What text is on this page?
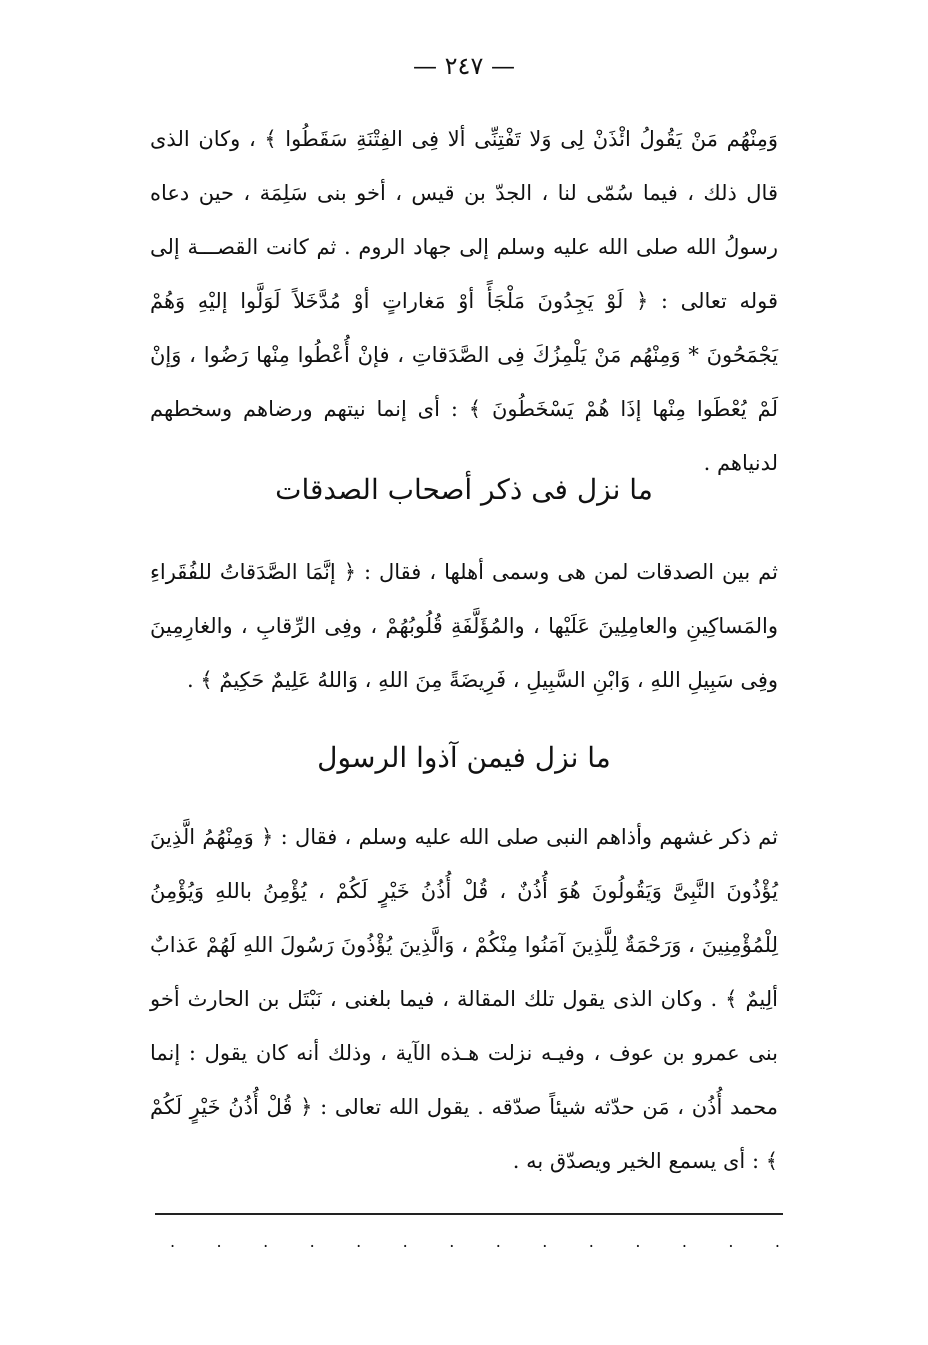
— ٢٤٧ —
وَمِنْهُم مَنْ يَقُولُ ائْذَنْ لِى وَلا تَفْتِنِّى ألا فِى الفِتْنَةِ سَقَطُوا ﴾ ، وكان الذى قال ذلك ، فيما سُمّى لنا ، الجدّ بن قيس ، أخو بنى سَلِمَة ، حين دعاه رسولُ الله صلى الله عليه وسلم إلى جهاد الروم . ثم كانت القصـــة إلى قوله تعالى : ﴿ لَوْ يَجِدُونَ مَلْجَأً أوْ مَغاراتٍ أوْ مُدَّخَلاً لَوَلَّوا إليْهِ وَهُمْ يَجْمَحُونَ * وَمِنْهُم مَنْ يَلْمِزُكَ فِى الصَّدَقاتِ ، فإنْ أُعْطُوا مِنْها رَضُوا ، وَإنْ لَمْ يُعْطَوا مِنْها إذَا هُمْ يَسْخَطُونَ ﴾ : أى إنما نيتهم ورضاهم وسخطهم لدنياهم .
ما نزل فى ذكر أصحاب الصدقات
ثم بين الصدقات لمن هى وسمى أهلها ، فقال : ﴿ إنَّمَا الصَّدَقاتُ للفُقَراءِ والمَساكِينِ والعامِلِينَ عَلَيْها ، والمُؤَلَّفَةِ قُلُوبُهُمْ ، وفِى الرِّقابِ ، والغارِمِينَ وفِى سَبِيلِ اللهِ ، وَابْنِ السَّبِيلِ ، فَرِيضَةً مِنَ اللهِ ، وَاللهُ عَلِيمٌ حَكِيمٌ ﴾ .
ما نزل فيمن آذوا الرسول
ثم ذكر غشهم وأذاهم النبى صلى الله عليه وسلم ، فقال : ﴿ وَمِنْهُمُ الَّذِينَ يُؤْذُونَ النَّبِىَّ وَيَقُولُونَ هُوَ أُذُنٌ ، قُلْ أُذُنُ خَيْرٍ لَكُمْ ، يُؤْمِنُ باللهِ وَيُؤْمِنُ لِلْمُؤْمِنِينَ ، وَرَحْمَةٌ لِلَّذِينَ آمَنُوا مِنْكُمْ ، وَالَّذِينَ يُؤْذُونَ رَسُولَ اللهِ لَهُمْ عَذابٌ ألِيمٌ ﴾ . وكان الذى يقول تلك المقالة ، فيما بلغنى ، نَبْتَل بن الحارث أخو بنى عمرو بن عوف ، وفيـه نزلت هـذه الآية ، وذلك أنه كان يقول : إنما محمد أُذُن ، مَن حدّثه شيئاً صدّقه . يقول الله تعالى : ﴿ قُلْ أُذُنُ خَيْرٍ لَكُمْ ﴾ : أى يسمع الخير ويصدّق به .
.	.	.	.	.	.	.	.	.	.	.	.	.	.
